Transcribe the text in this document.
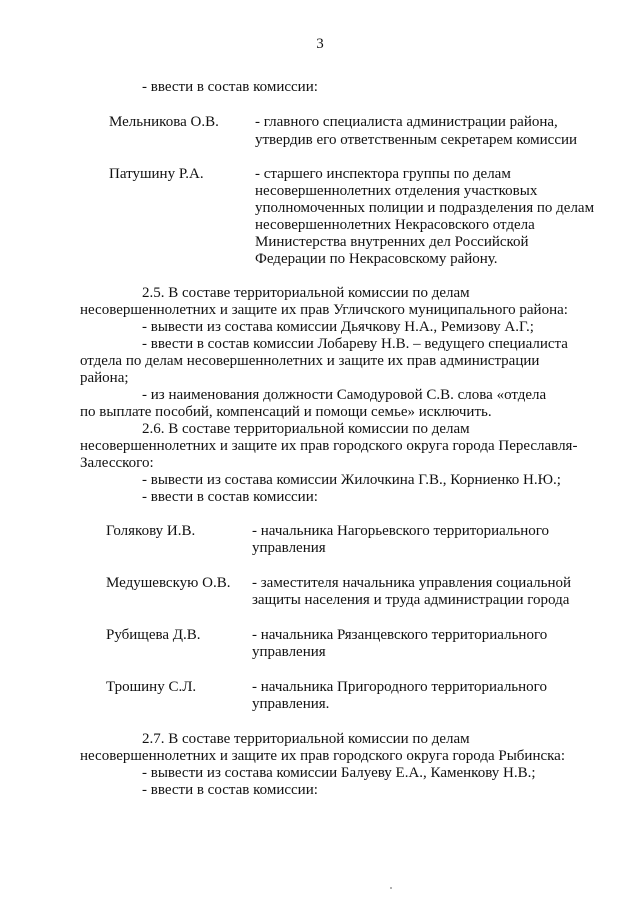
3
- ввести в состав комиссии:
Мельникова О.В. - главного специалиста администрации района,
утвердив его ответственным секретарем комиссии
Патушину Р.А.	- старшего инспектора группы по делам
несовершеннолетних отделения участковых
уполномоченных полиции и подразделения по делам
несовершеннолетних Некрасовского отдела
Министерства внутренних дел Российской
Федерации по Некрасовскому району.
2.5. В составе территориальной комиссии по делам
несовершеннолетних и защите их прав Угличского муниципального района:
- вывести из состава комиссии Дьячкову Н.А., Ремизову А.Г.;
- ввести в состав комиссии Лобареву Н.В. – ведущего специалиста
отдела по делам несовершеннолетних и защите их прав администрации
района;
- из наименования должности Самодуровой С.В. слова «отдела
по выплате пособий, компенсаций и помощи семье» исключить.
2.6. В составе территориальной комиссии по делам
несовершеннолетних и защите их прав городского округа города Переславля-
Залесского:
- вывести из состава комиссии Жилочкина Г.В., Корниенко Н.Ю.;
- ввести в состав комиссии:
Голякову И.В.	- начальника Нагорьевского территориального
управления
Медушевскую О.В. - заместителя начальника управления социальной
защиты населения и труда администрации города
Рубищева Д.В.	- начальника Рязанцевского территориального
управления
Трошину С.Л.	- начальника Пригородного территориального
управления.
2.7. В составе территориальной комиссии по делам
несовершеннолетних и защите их прав городского округа города Рыбинска:
- вывести из состава комиссии Балуеву Е.А., Каменкову Н.В.;
- ввести в состав комиссии:
